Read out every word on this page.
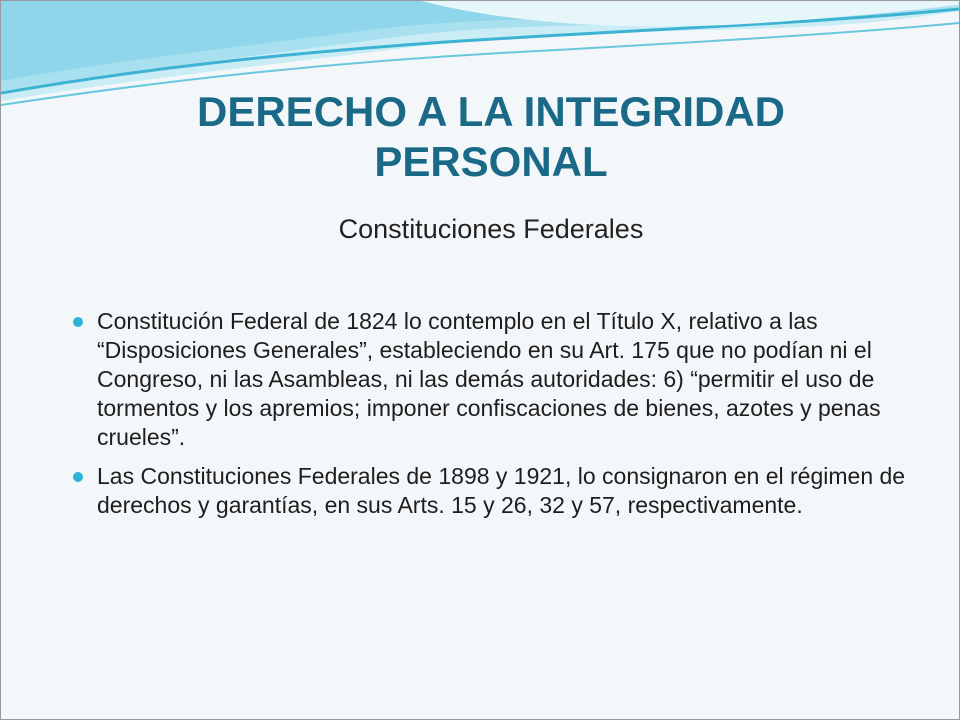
DERECHO A LA INTEGRIDAD
PERSONAL
Constituciones Federales
Constitución Federal de 1824 lo contemplo en el Título X, relativo a las “Disposiciones Generales”, estableciendo en su Art. 175 que no podían ni el Congreso, ni las Asambleas, ni las demás autoridades: 6) “permitir el uso de tormentos y los apremios; imponer confiscaciones de bienes, azotes y penas crueles”.
Las Constituciones Federales de 1898 y 1921, lo consignaron en el régimen de derechos y garantías, en sus Arts. 15 y 26, 32 y 57, respectivamente.
